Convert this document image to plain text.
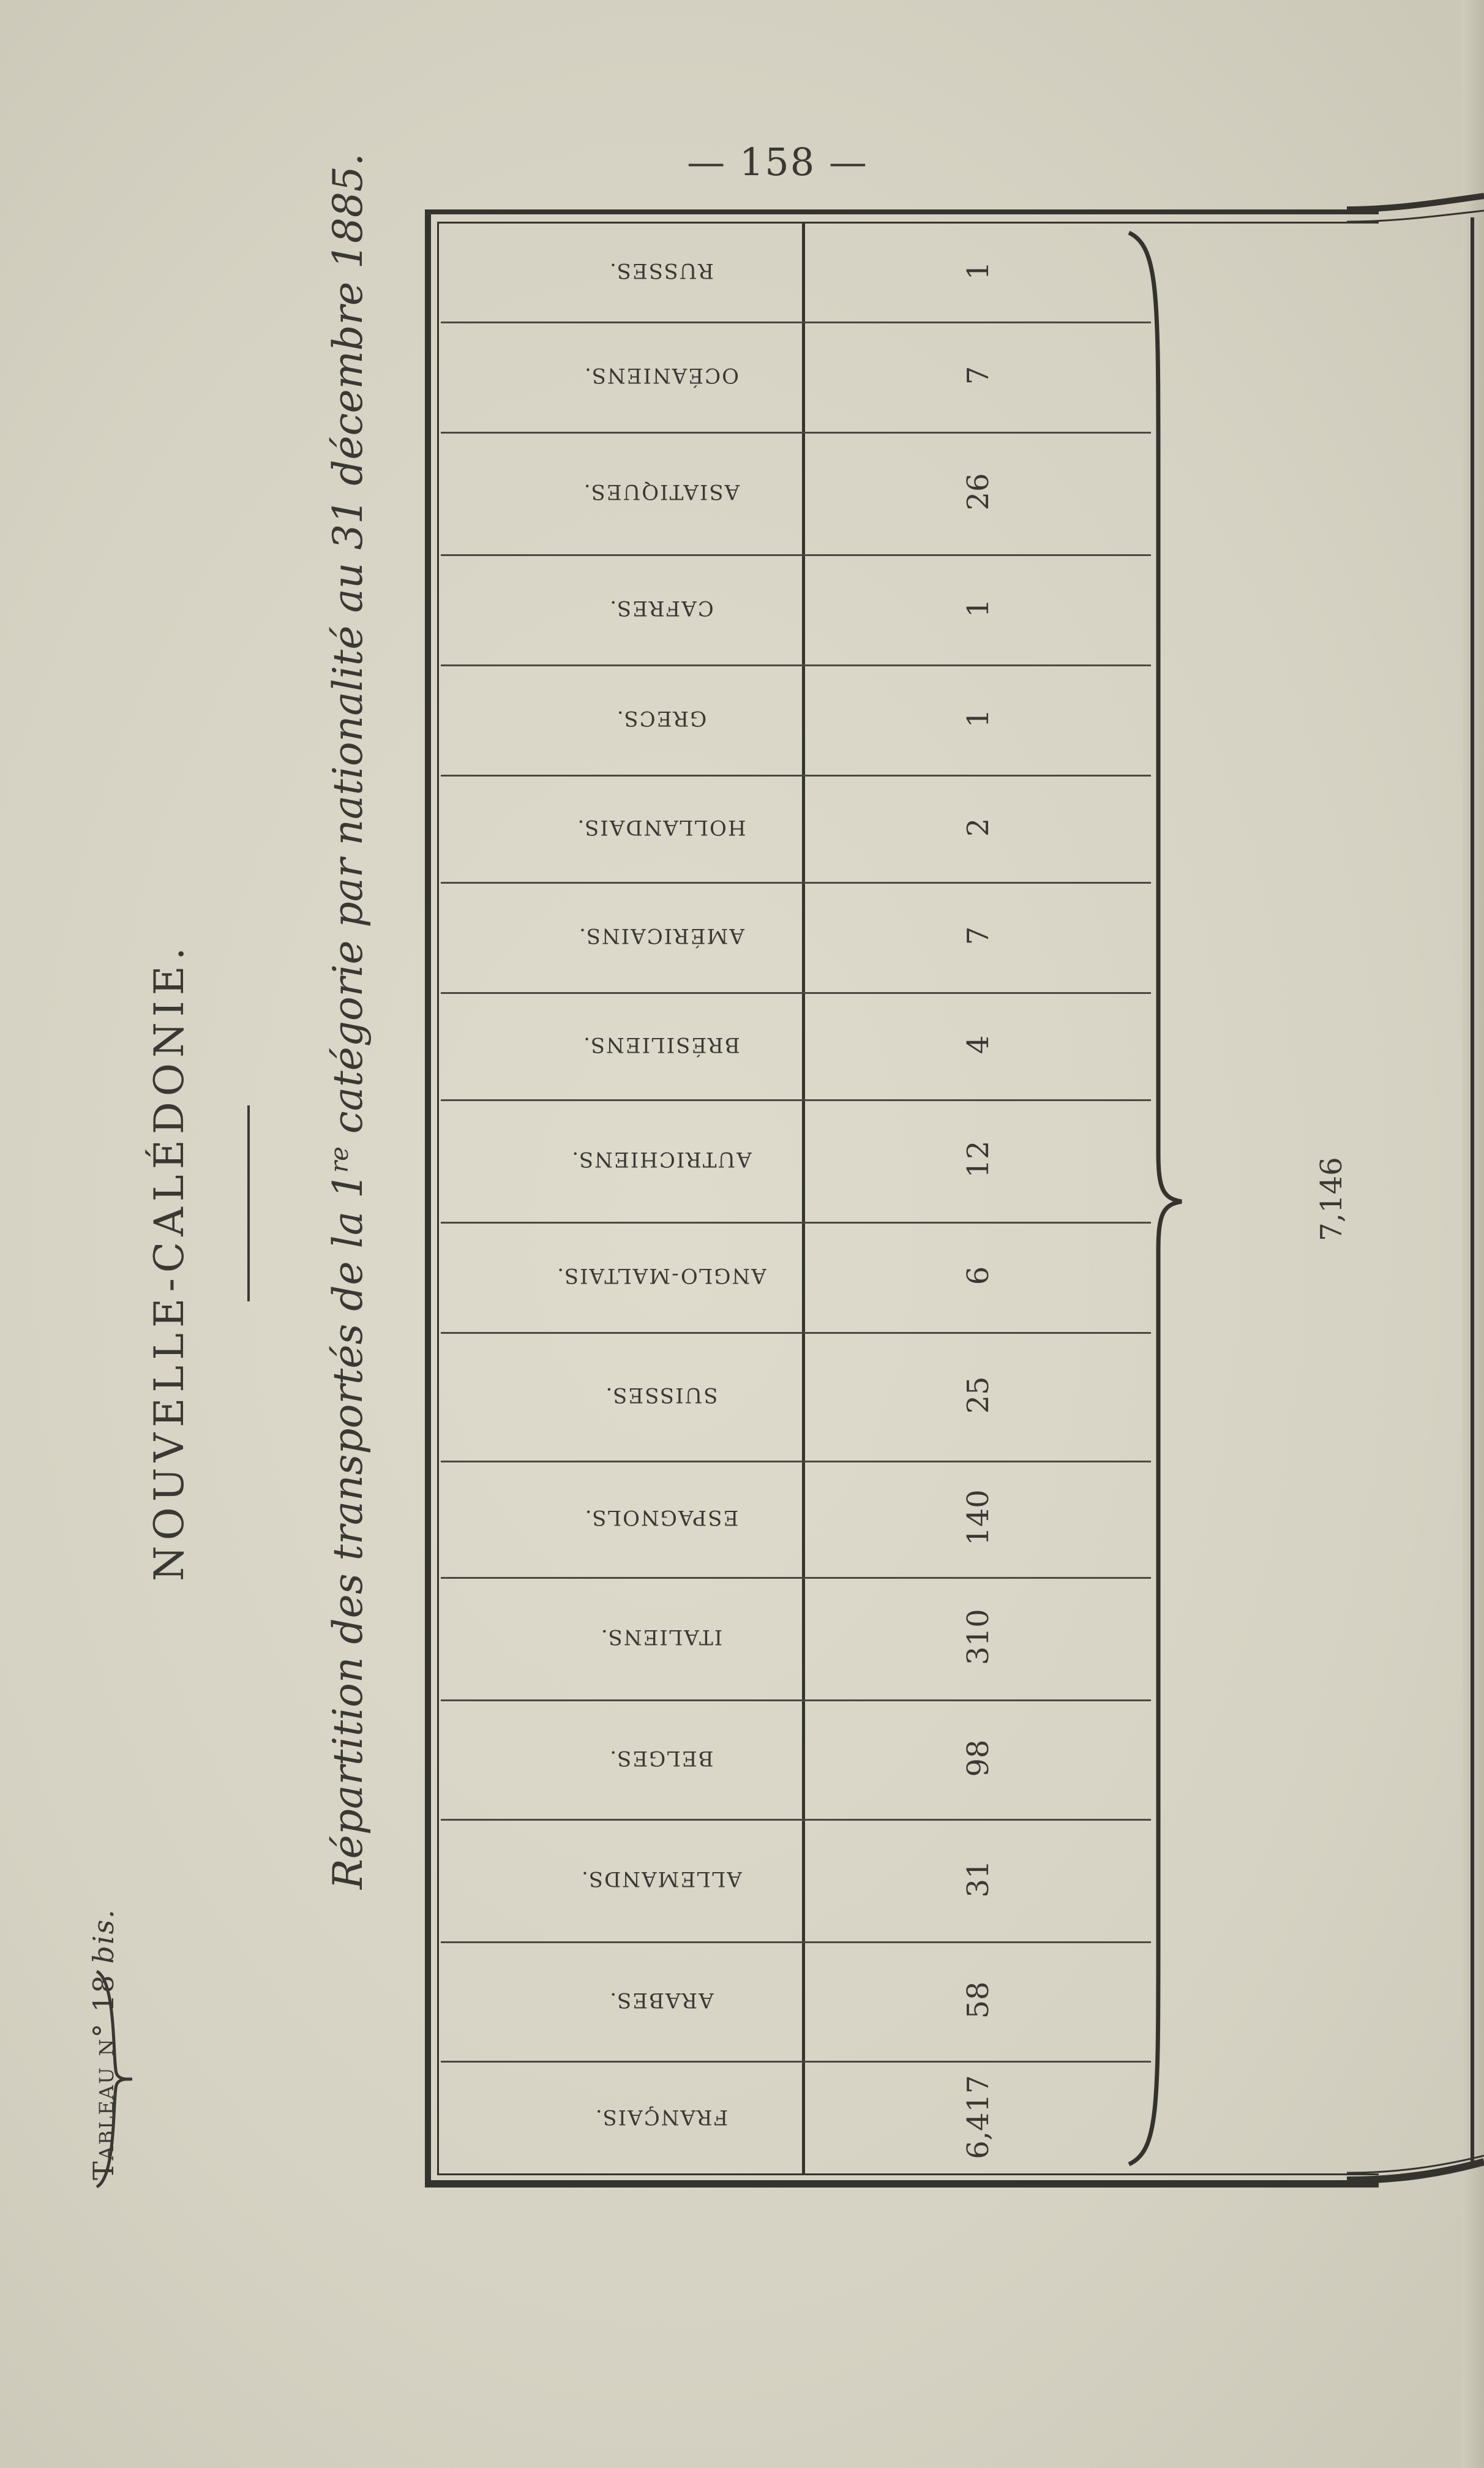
— 158 —
Tableau n° 18 bis.
NOUVELLE-CALÉDONIE.	Répartition des transportés de la 1re catégorie par nationalité au 31 décembre 1885.	RUSSES.	1
OCÉANIENS.	7
ASIATIQUES.	26
CAFRES.	1
GRECS.	1
HOLLANDAIS.	2
AMÉRICAINS.	7
BRÉSILIENS.	4
AUTRICHIENS.	12
ANGLO-MALTAIS.	6
SUISSES.	25
ESPAGNOLS.	140
ITALIENS.	310
BELGES.	98
ALLEMANDS.	31
ARABES.	58
FRANÇAIS.	6,417
7,146
